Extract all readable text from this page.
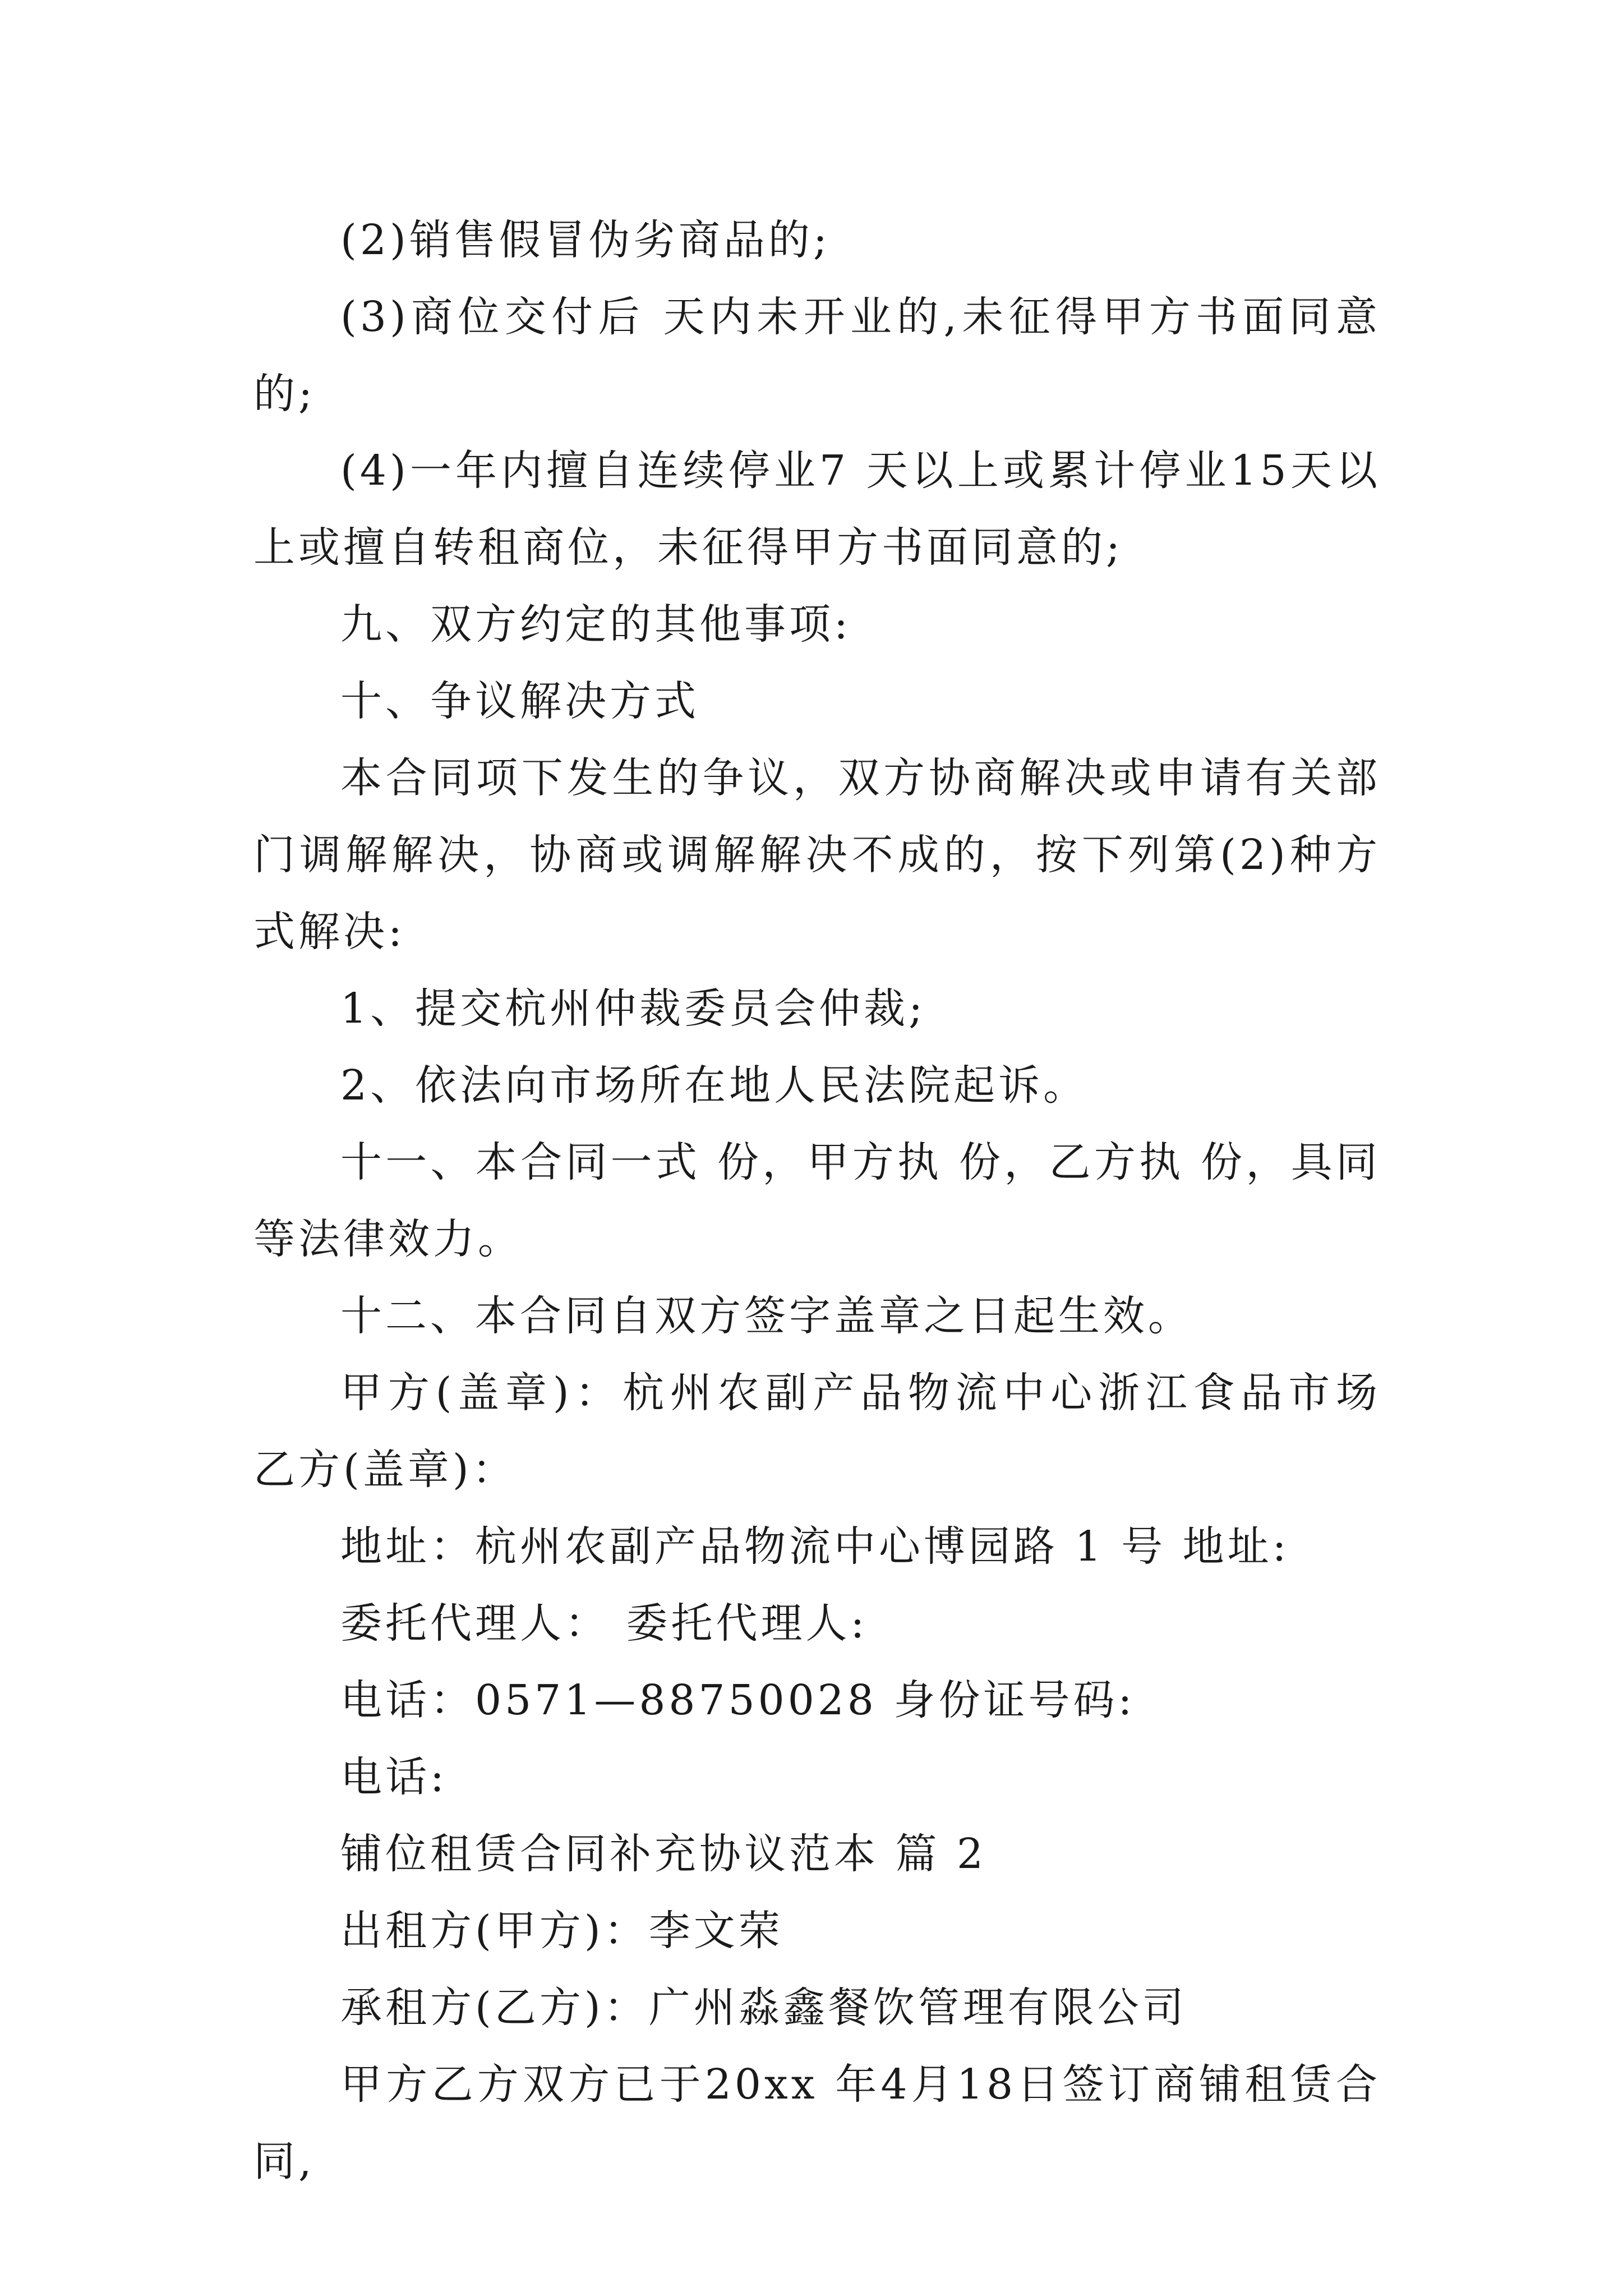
(2)销售假冒伪劣商品的;

(3)商位交付后 天内未开业的,未征得甲方书面同意的;

(4)一年内擅自连续停业7 天以上或累计停业15天以上或擅自转租商位，未征得甲方书面同意的;

九、双方约定的其他事项:

十、争议解决方式

本合同项下发生的争议，双方协商解决或申请有关部门调解解决，协商或调解解决不成的，按下列第(2)种方式解决:

1、提交杭州仲裁委员会仲裁;

2、依法向市场所在地人民法院起诉。

十一、本合同一式 份，甲方执 份，乙方执 份，具同等法律效力。

十二、本合同自双方签字盖章之日起生效。

甲方(盖章)：杭州农副产品物流中心浙江食品市场 乙方(盖章)：

地址：杭州农副产品物流中心博园路 1 号 地址:

委托代理人： 委托代理人:

电话：0571—88750028 身份证号码:

电话:

铺位租赁合同补充协议范本 篇 2

出租方(甲方)：李文荣

承租方(乙方)：广州淼鑫餐饮管理有限公司

甲方乙方双方已于20xx 年4月18日签订商铺租赁合同,
